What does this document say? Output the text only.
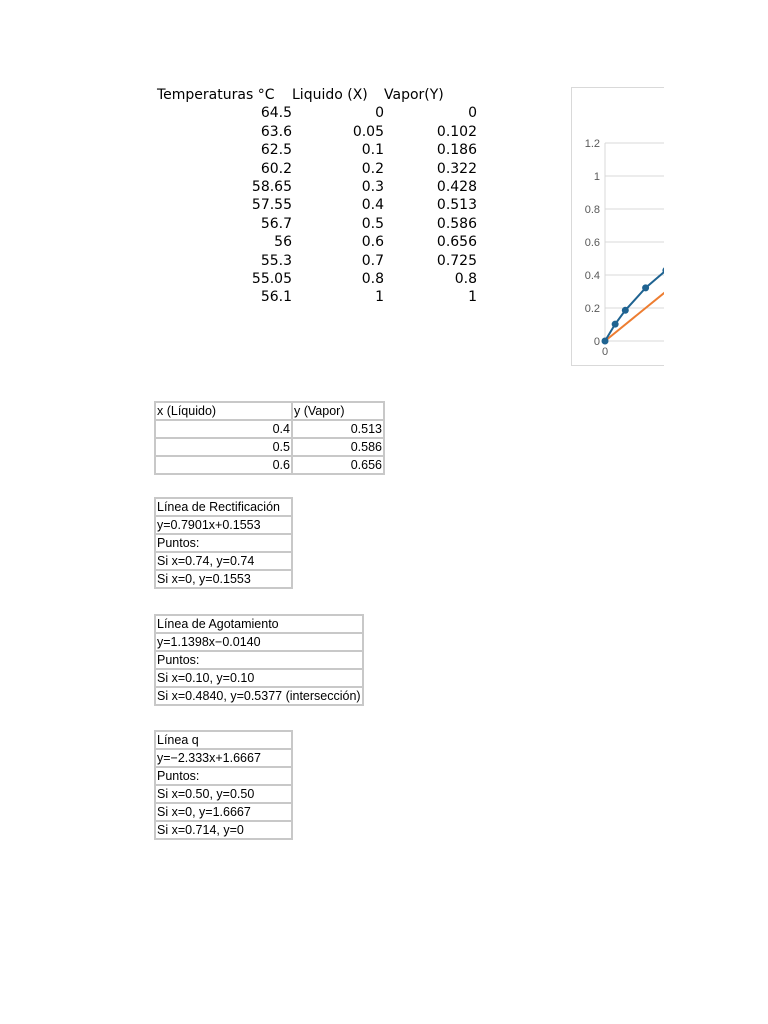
Temperaturas °C	Liquido (X)	Vapor(Y)
64.5	0	0
63.6	0.05	0.102
62.5	0.1	0.186
60.2	0.2	0.322
58.65	0.3	0.428
57.55	0.4	0.513
56.7	0.5	0.586
56	0.6	0.656
55.3	0.7	0.725
55.05	0.8	0.8
56.1	1	1
0
0.2
0.4
0.6
0.8
1
1.2
0
x (Líquido)	y (Vapor)
0.4	0.513
0.5	0.586
0.6	0.656
Línea de Rectificación
y=0.7901x+0.1553
Puntos:
Si x=0.74, y=0.74
Si x=0, y=0.1553
Línea de Agotamiento
y=1.1398x−0.0140
Puntos:
Si x=0.10, y=0.10
Si x=0.4840, y=0.5377 (intersección)
Línea q
y=−2.333x+1.6667
Puntos:
Si x=0.50, y=0.50
Si x=0, y=1.6667
Si x=0.714, y=0
